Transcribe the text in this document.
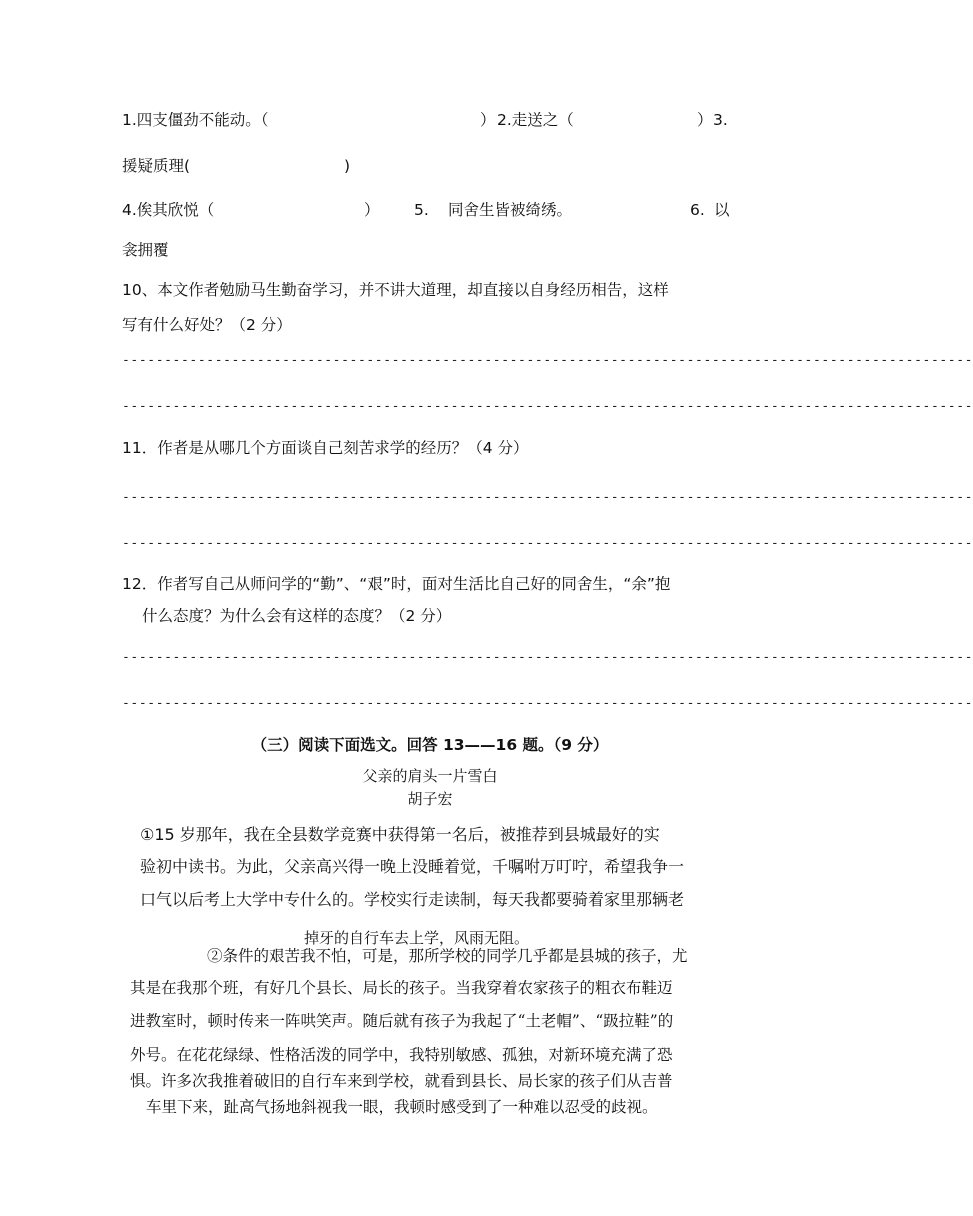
1.四支僵劲不能动。（	） 2.走送之（	） 3.
援疑质理(	)
4.俟其欣悦（	） 5. 同舍生皆被绮绣。	6. 以
衾拥覆
10、本文作者勉励马生勤奋学习，并不讲大道理，却直接以自身经历相告，这样
写有什么好处？（2 分）
-----------------------------------------------------------------------------------------------------
-----------------------------------------------------------------------------------------------------
11．作者是从哪几个方面谈自己刻苦求学的经历？（4 分）
-----------------------------------------------------------------------------------------------------
-----------------------------------------------------------------------------------------------------
12．作者写自己从师问学的“勤”、“艰”时，面对生活比自己好的同舍生，“余”抱
什么态度？为什么会有这样的态度？（2 分）
-----------------------------------------------------------------------------------------------------
-----------------------------------------------------------------------------------------------------
（三）阅读下面选文。回答 13——16 题。（9 分）
父亲的肩头一片雪白
胡子宏
①15 岁那年，我在全县数学竞赛中获得第一名后，被推荐到县城最好的实
验初中读书。为此，父亲高兴得一晚上没睡着觉，千嘱咐万叮咛，希望我争一
口气以后考上大学中专什么的。学校实行走读制，每天我都要骑着家里那辆老
掉牙的自行车去上学，风雨无阻。
②条件的艰苦我不怕，可是，那所学校的同学几乎都是县城的孩子，尤
其是在我那个班，有好几个县长、局长的孩子。当我穿着农家孩子的粗衣布鞋迈
进教室时，顿时传来一阵哄笑声。随后就有孩子为我起了“土老帽”、“趿拉鞋”的
外号。在花花绿绿、性格活泼的同学中，我特别敏感、孤独，对新环境充满了恐
惧。许多次我推着破旧的自行车来到学校，就看到县长、局长家的孩子们从吉普
车里下来，趾高气扬地斜视我一眼，我顿时感受到了一种难以忍受的歧视。
